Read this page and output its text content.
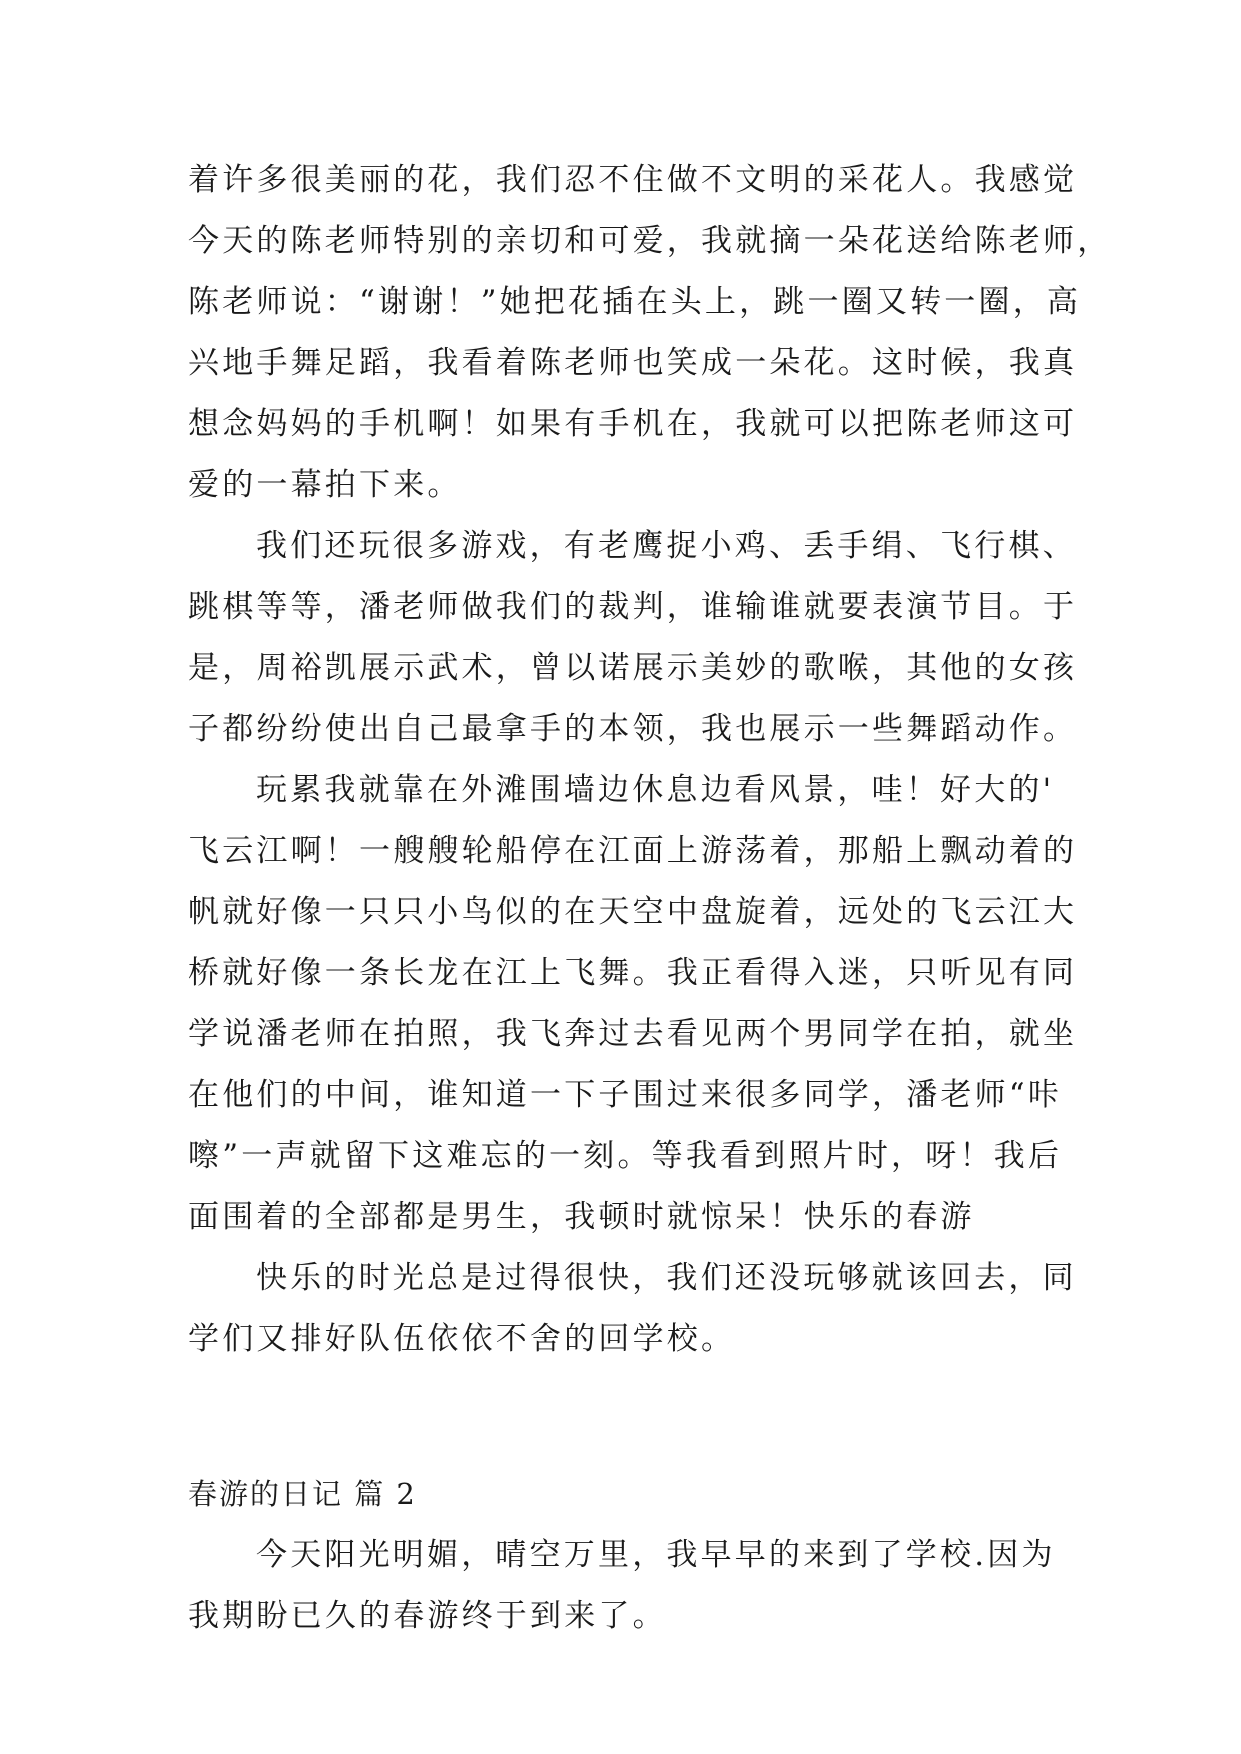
着许多很美丽的花，我们忍不住做不文明的采花人。我感觉
今天的陈老师特别的亲切和可爱，我就摘一朵花送给陈老师，
陈老师说：“谢谢！”她把花插在头上，跳一圈又转一圈，高
兴地手舞足蹈，我看着陈老师也笑成一朵花。这时候，我真
想念妈妈的手机啊！如果有手机在，我就可以把陈老师这可
爱的一幕拍下来。
我们还玩很多游戏，有老鹰捉小鸡、丢手绢、飞行棋、
跳棋等等，潘老师做我们的裁判，谁输谁就要表演节目。于
是，周裕凯展示武术，曾以诺展示美妙的歌喉，其他的女孩
子都纷纷使出自己最拿手的本领，我也展示一些舞蹈动作。
玩累我就靠在外滩围墙边休息边看风景，哇！好大的'
飞云江啊！一艘艘轮船停在江面上游荡着，那船上飘动着的
帆就好像一只只小鸟似的在天空中盘旋着，远处的飞云江大
桥就好像一条长龙在江上飞舞。我正看得入迷，只听见有同
学说潘老师在拍照，我飞奔过去看见两个男同学在拍，就坐
在他们的中间，谁知道一下子围过来很多同学，潘老师“咔
嚓”一声就留下这难忘的一刻。等我看到照片时，呀！我后
面围着的全部都是男生，我顿时就惊呆！快乐的春游
快乐的时光总是过得很快，我们还没玩够就该回去，同
学们又排好队伍依依不舍的回学校。
春游的日记 篇 2
今天阳光明媚，晴空万里，我早早的来到了学校.因为
我期盼已久的春游终于到来了。
